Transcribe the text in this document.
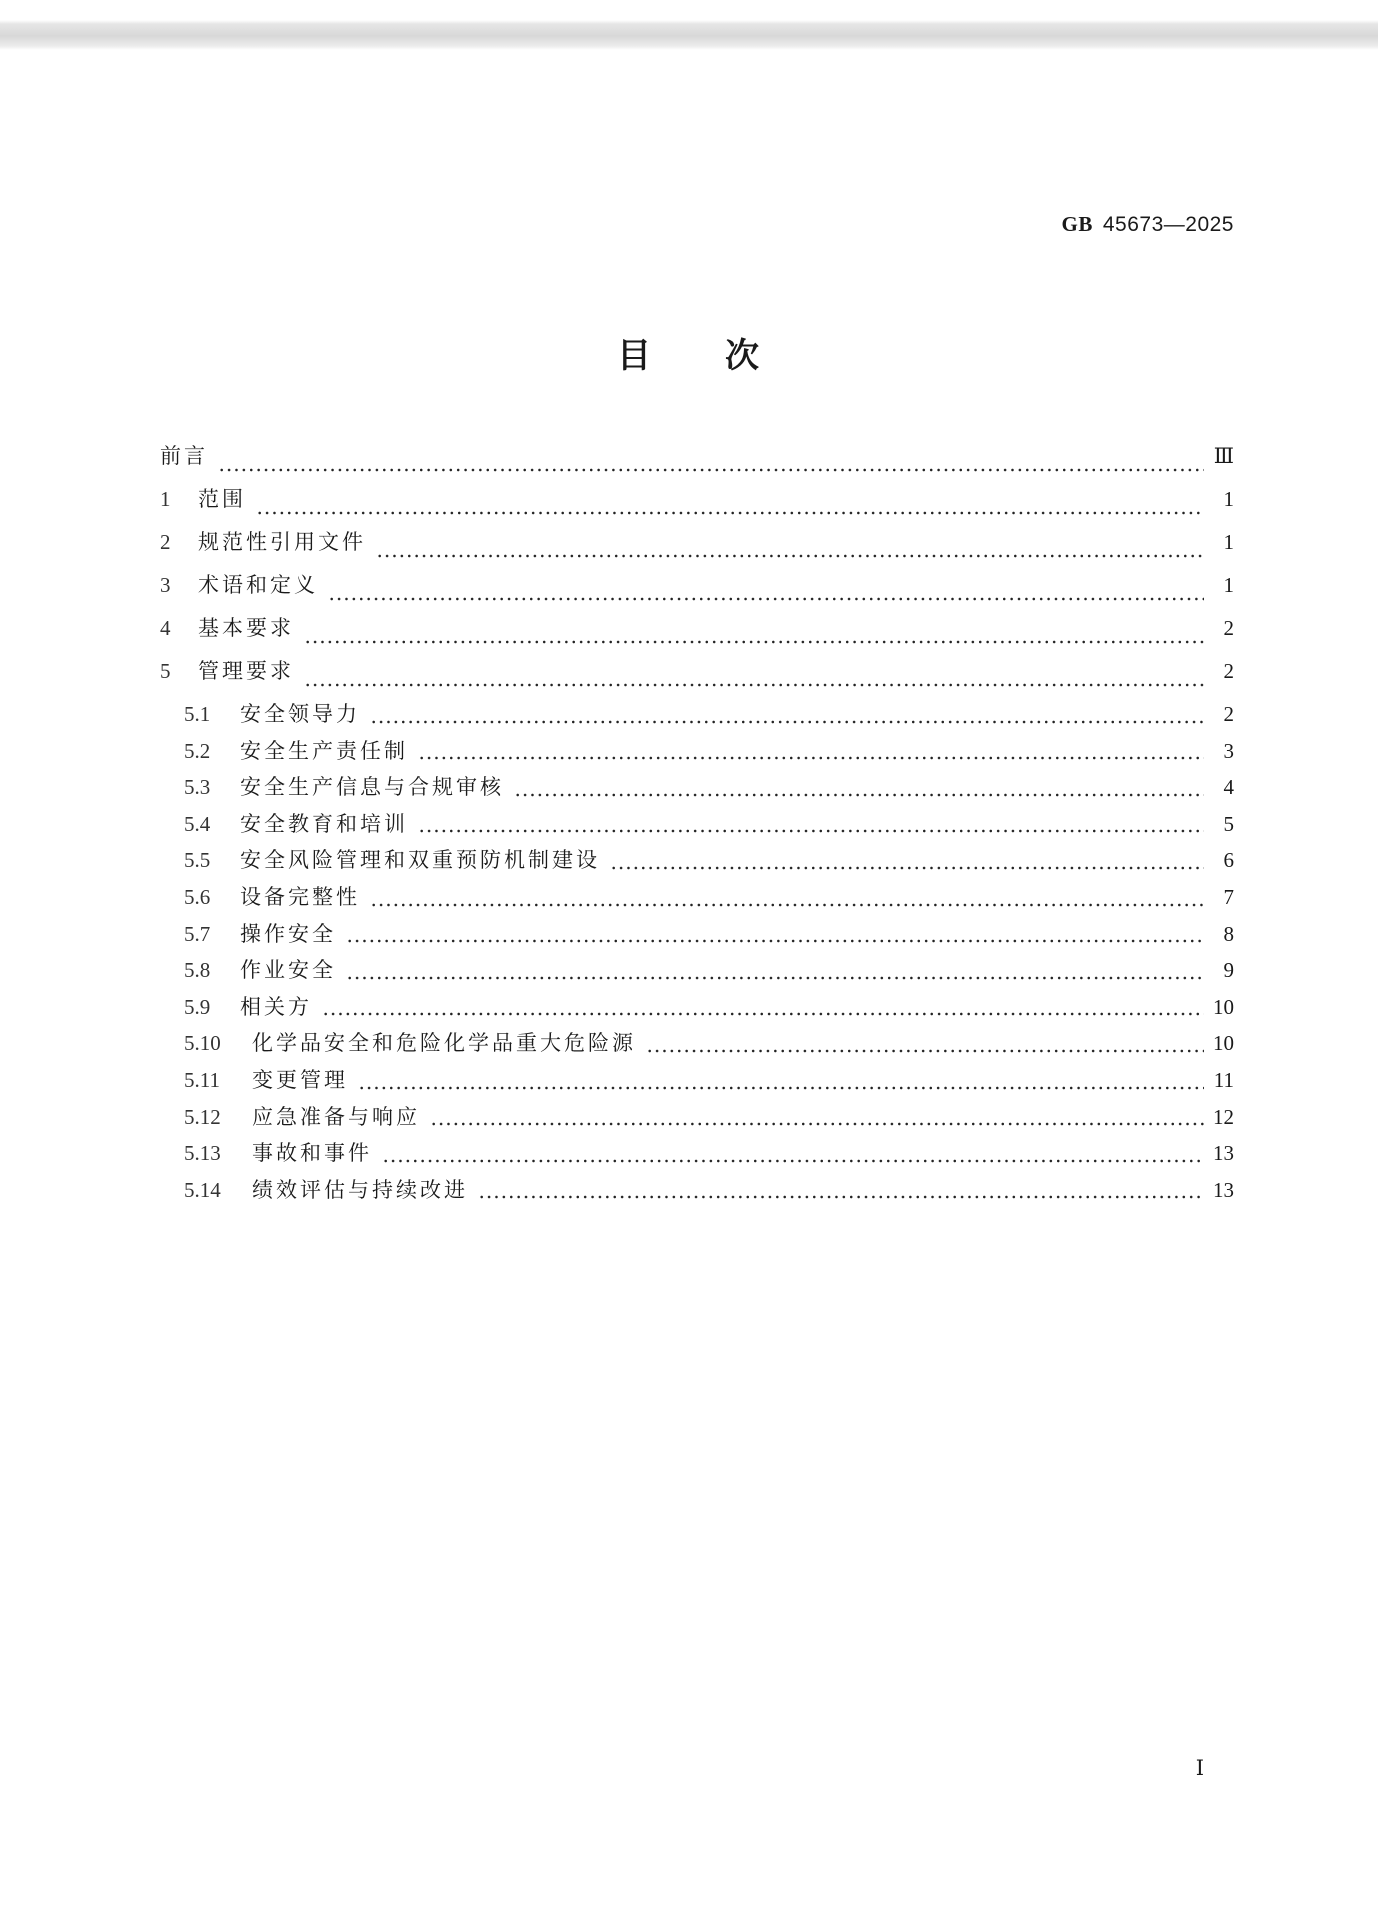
GB 45673—2025
目 次
前言	Ⅲ
1	范围	1
2	规范性引用文件	1
3	术语和定义	1
4	基本要求	2
5	管理要求	2
5.1	安全领导力	2
5.2	安全生产责任制	3
5.3	安全生产信息与合规审核	4
5.4	安全教育和培训	5
5.5	安全风险管理和双重预防机制建设	6
5.6	设备完整性	7
5.7	操作安全	8
5.8	作业安全	9
5.9	相关方	10
5.10	化学品安全和危险化学品重大危险源	10
5.11	变更管理	11
5.12	应急准备与响应	12
5.13	事故和事件	13
5.14	绩效评估与持续改进	13
Ⅰ
